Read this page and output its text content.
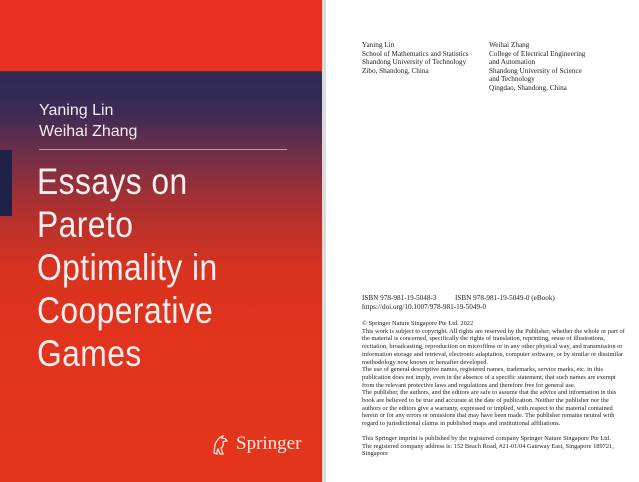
Yaning Lin
Weihai Zhang
Essays on Pareto
Optimality in
Cooperative
Games
Springer
Yaning Lin
School of Mathematics and Statistics
Shandong University of Technology
Zibo, Shandong, China
Weihai Zhang
College of Electrical Engineering
and Automation
Shandong University of Science
and Technology
Qingdao, Shandong, China
ISBN 978-981-19-5048-3	ISBN 978-981-19-5049-0 (eBook)
https://doi.org/10.1007/978-981-19-5049-0

© Springer Nature Singapore Pte Ltd. 2022

This work is subject to copyright. All rights are reserved by the Publisher, whether the whole or part of the material is concerned, specifically the rights of translation, reprinting, reuse of illustrations, recitation, broadcasting, reproduction on microfilms or in any other physical way, and transmission or information storage and retrieval, electronic adaptation, computer software, or by similar or dissimilar methodology now known or hereafter developed.

The use of general descriptive names, registered names, trademarks, service marks, etc. in this publication does not imply, even in the absence of a specific statement, that such names are exempt from the relevant protective laws and regulations and therefore free for general use.

The publisher, the authors, and the editors are safe to assume that the advice and information in this book are believed to be true and accurate at the date of publication. Neither the publisher nor the authors or the editors give a warranty, expressed or implied, with respect to the material contained herein or for any errors or omissions that may have been made. The publisher remains neutral with regard to jurisdictional claims in published maps and institutional affiliations.

This Springer imprint is published by the registered company Springer Nature Singapore Pte Ltd.

The registered company address is: 152 Beach Road, #21-01/04 Gateway East, Singapore 189721, Singapore
